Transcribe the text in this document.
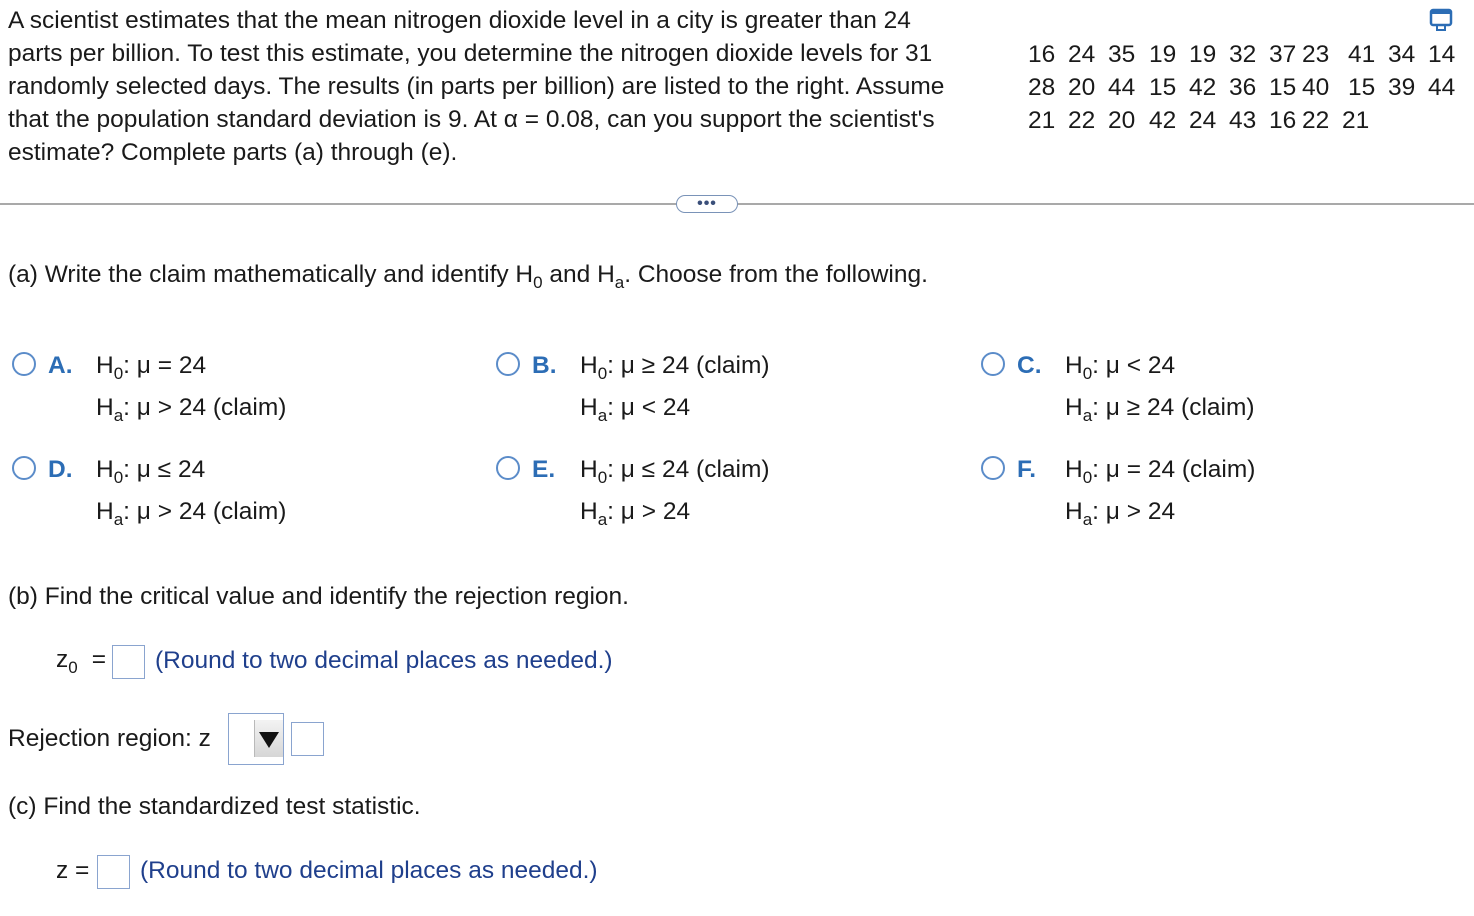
A scientist estimates that the mean nitrogen dioxide level in a city is greater than 24
parts per billion. To test this estimate, you determine the nitrogen dioxide levels for 31
randomly selected days. The results (in parts per billion) are listed to the right. Assume
that the population standard deviation is 9. At α = 0.08, can you support the scientist's
estimate? Complete parts (a) through (e).
16 24 35 19 19 32 37 23 41 34 14
28 20 44 15 42 36 15 40 15 39 44
21 22 20 42 24 43 16 22 21
•••
(a) Write the claim mathematically and identify $H_0$ and $H_a$. Choose from the following.
A. $H_0$: μ = 24
$H_a$: μ > 24 (claim)
B. $H_0$: μ ≥ 24 (claim)
$H_a$: μ < 24
C. $H_0$: μ < 24
$H_a$: μ ≥ 24 (claim)
D. $H_0$: μ ≤ 24
$H_a$: μ > 24 (claim)
E. $H_0$: μ ≤ 24 (claim)
$H_a$: μ > 24
F. $H_0$: μ = 24 (claim)
$H_a$: μ > 24
(b) Find the critical value and identify the rejection region.
$z_0$ = (Round to two decimal places as needed.)
Rejection region: z
(c) Find the standardized test statistic.
z = (Round to two decimal places as needed.)
